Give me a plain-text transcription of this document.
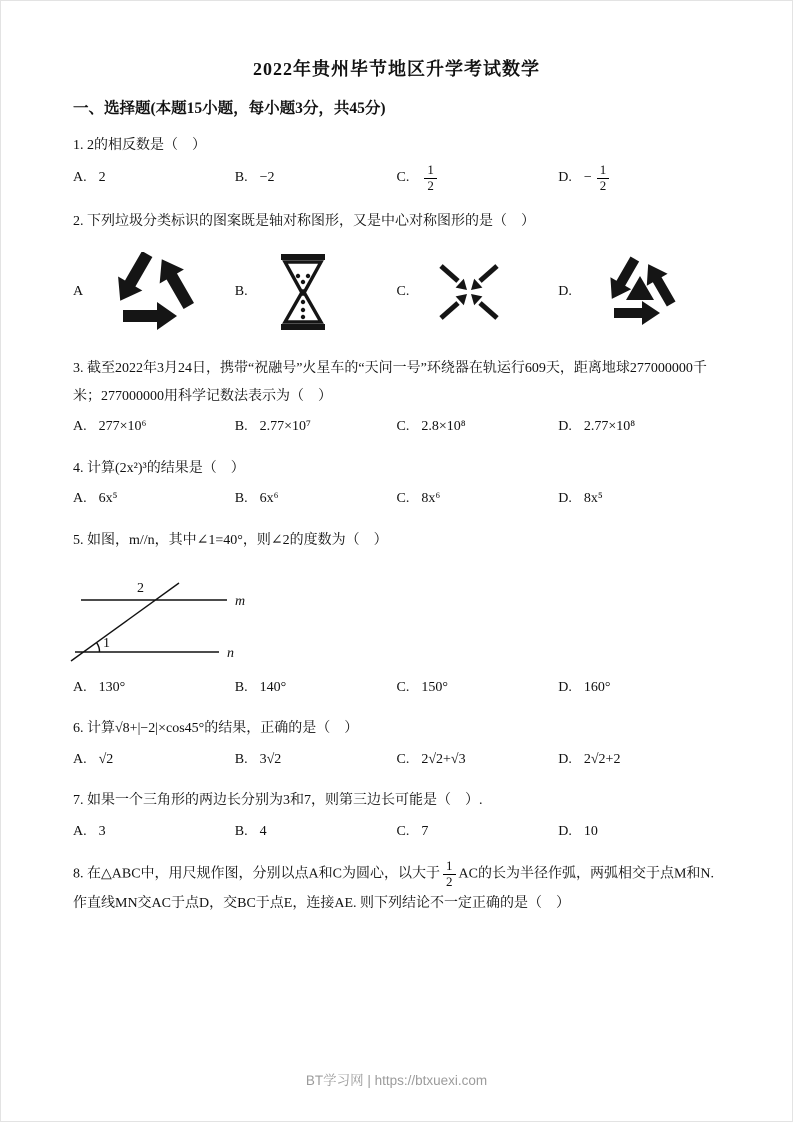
2022年贵州毕节地区升学考试数学
一、选择题(本题15小题，每小题3分，共45分)
1. 2的相反数是（　）
A. 2	B. −2	C. $\frac{1}{2}$	D. − $\frac{1}{2}$
2. 下列垃圾分类标识的图案既是轴对称图形，又是中心对称图形的是（　）
A	B.	C.	D.
3. 截至2022年3月24日，携带“祝融号”火星车的“天问一号”环绕器在轨运行609天，距离地球277000000千米；277000000用科学记数法表示为（　）
A. 277×10⁶	B. 2.77×10⁷	C. 2.8×10⁸	D. 2.77×10⁸
4. 计算(2x²)³的结果是（　）
A. 6x⁵	B. 6x⁶	C. 8x⁶	D. 8x⁵
5. 如图，m//n，其中∠1=40°，则∠2的度数为（　）
2
1
m
n
A. 130°	B. 140°	C. 150°	D. 160°
6. 计算√8+|−2|×cos45°的结果，正确的是（　）
A. √2	B. 3√2	C. 2√2+√3	D. 2√2+2
7. 如果一个三角形的两边长分别为3和7，则第三边长可能是（　）.
A. 3	B. 4	C. 7	D. 10
8. 在△ABC中，用尺规作图，分别以点A和C为圆心，以大于 $\frac{1}{2}$ AC的长为半径作弧，两弧相交于点M和N. 作直线MN交AC于点D，交BC于点E，连接AE. 则下列结论不一定正确的是（　）
BT学习网 | https://btxuexi.com
